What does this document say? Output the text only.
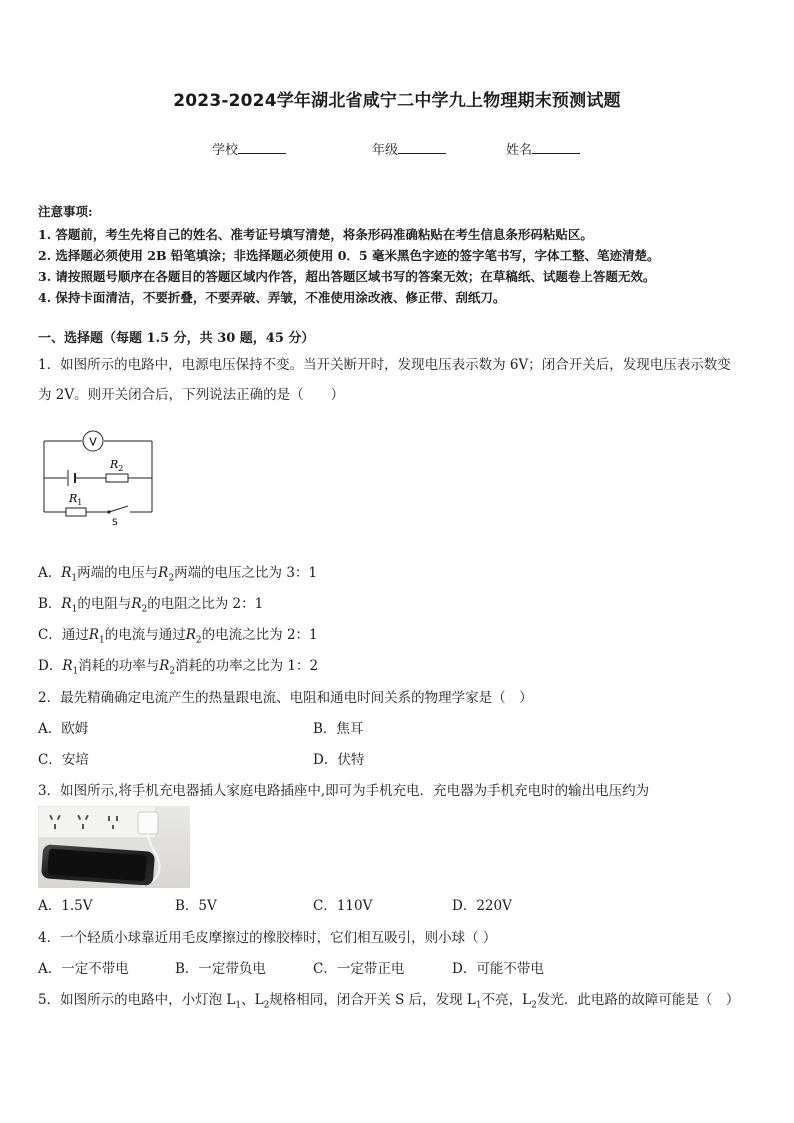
2023-2024学年湖北省咸宁二中学九上物理期末预测试题
学校	年级	姓名
注意事项:
1. 答题前，考生先将自己的姓名、准考证号填写清楚，将条形码准确粘贴在考生信息条形码粘贴区。
2. 选择题必须使用 2B 铅笔填涂；非选择题必须使用 0．5 毫米黑色字迹的签字笔书写，字体工整、笔迹清楚。
3. 请按照题号顺序在各题目的答题区域内作答，超出答题区域书写的答案无效；在草稿纸、试题卷上答题无效。
4. 保持卡面清洁，不要折叠，不要弄破、弄皱，不准使用涂改液、修正带、刮纸刀。
一、选择题（每题 1.5 分，共 30 题，45 分）
1．如图所示的电路中，电源电压保持不变。当开关断开时，发现电压表示数为 6V；闭合开关后，发现电压表示数变
为 2V。则开关闭合后，下列说法正确的是（　　）
V
$R_2$
$R_1$
S
A．$R_1$两端的电压与$R_2$两端的电压之比为 3：1
B．$R_1$的电阻与$R_2$的电阻之比为 2：1
C．通过$R_1$的电流与通过$R_2$的电流之比为 2：1
D．$R_1$消耗的功率与$R_2$消耗的功率之比为 1：2
2．最先精确确定电流产生的热量跟电流、电阻和通电时间关系的物理学家是（　）
A．欧姆	B．焦耳
C．安培	D．伏特
3．如图所示,将手机充电器插人家庭电路插座中,即可为手机充电．充电器为手机充电时的输出电压约为
A．1.5V	B．5V	C．110V	D．220V
4．一个轻质小球靠近用毛皮摩擦过的橡胶棒时，它们相互吸引，则小球（ ）
A．一定不带电	B．一定带负电	C．一定带正电	D．可能不带电
5．如图所示的电路中，小灯泡 $L_1$、$L_2$规格相同，闭合开关 S 后，发现 $L_1$不亮，$L_2$发光．此电路的故障可能是（　）
